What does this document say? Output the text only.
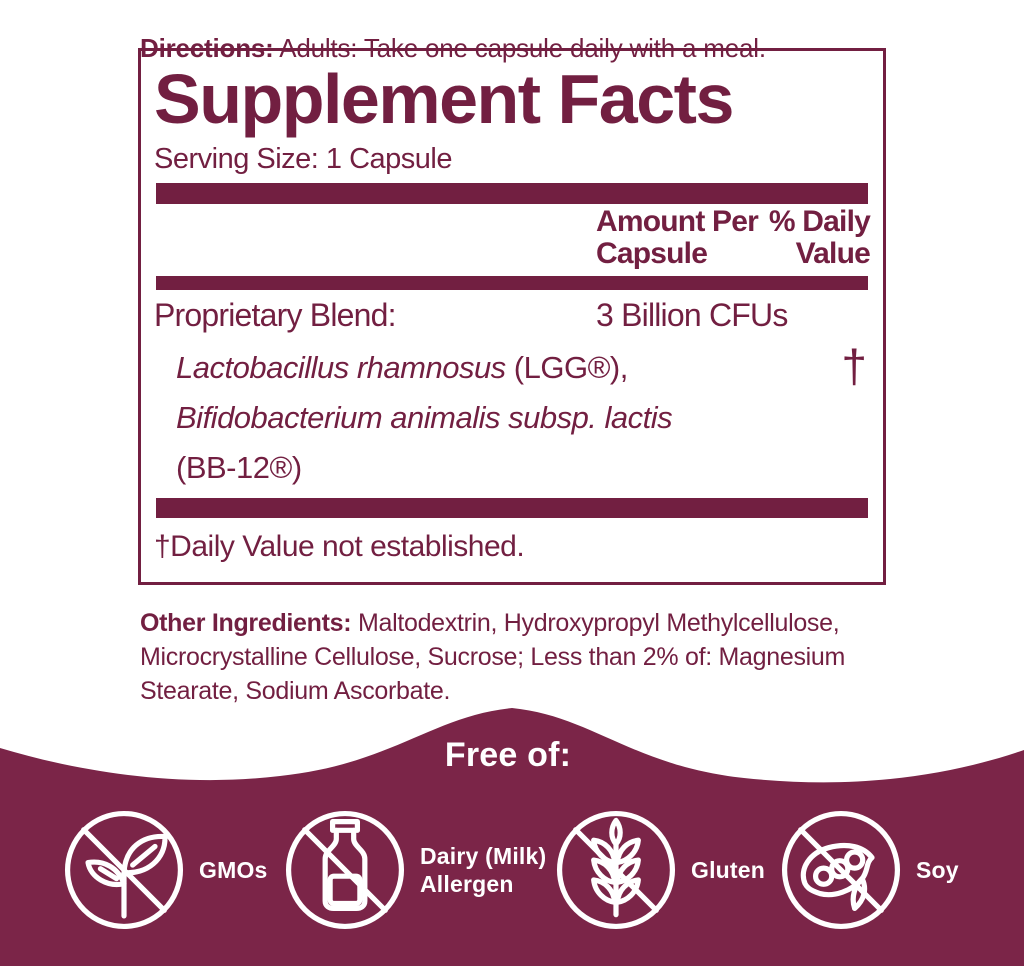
Directions: Adults: Take one capsule daily with a meal.

Supplement Facts
Serving Size: 1 Capsule
Amount Per
Capsule
% Daily
Value
Proprietary Blend:	3 Billion CFUs
Lactobacillus rhamnosus (LGG®),
Bifidobacterium animalis subsp. lactis
(BB-12®)
†
†Daily Value not established.
Other Ingredients: Maltodextrin, Hydroxypropyl Methylcellulose,
Microcrystalline Cellulose, Sucrose; Less than 2% of: Magnesium
Stearate, Sodium Ascorbate.
Free of:
GMOs
Dairy (Milk)
Allergen
Gluten	Soy
